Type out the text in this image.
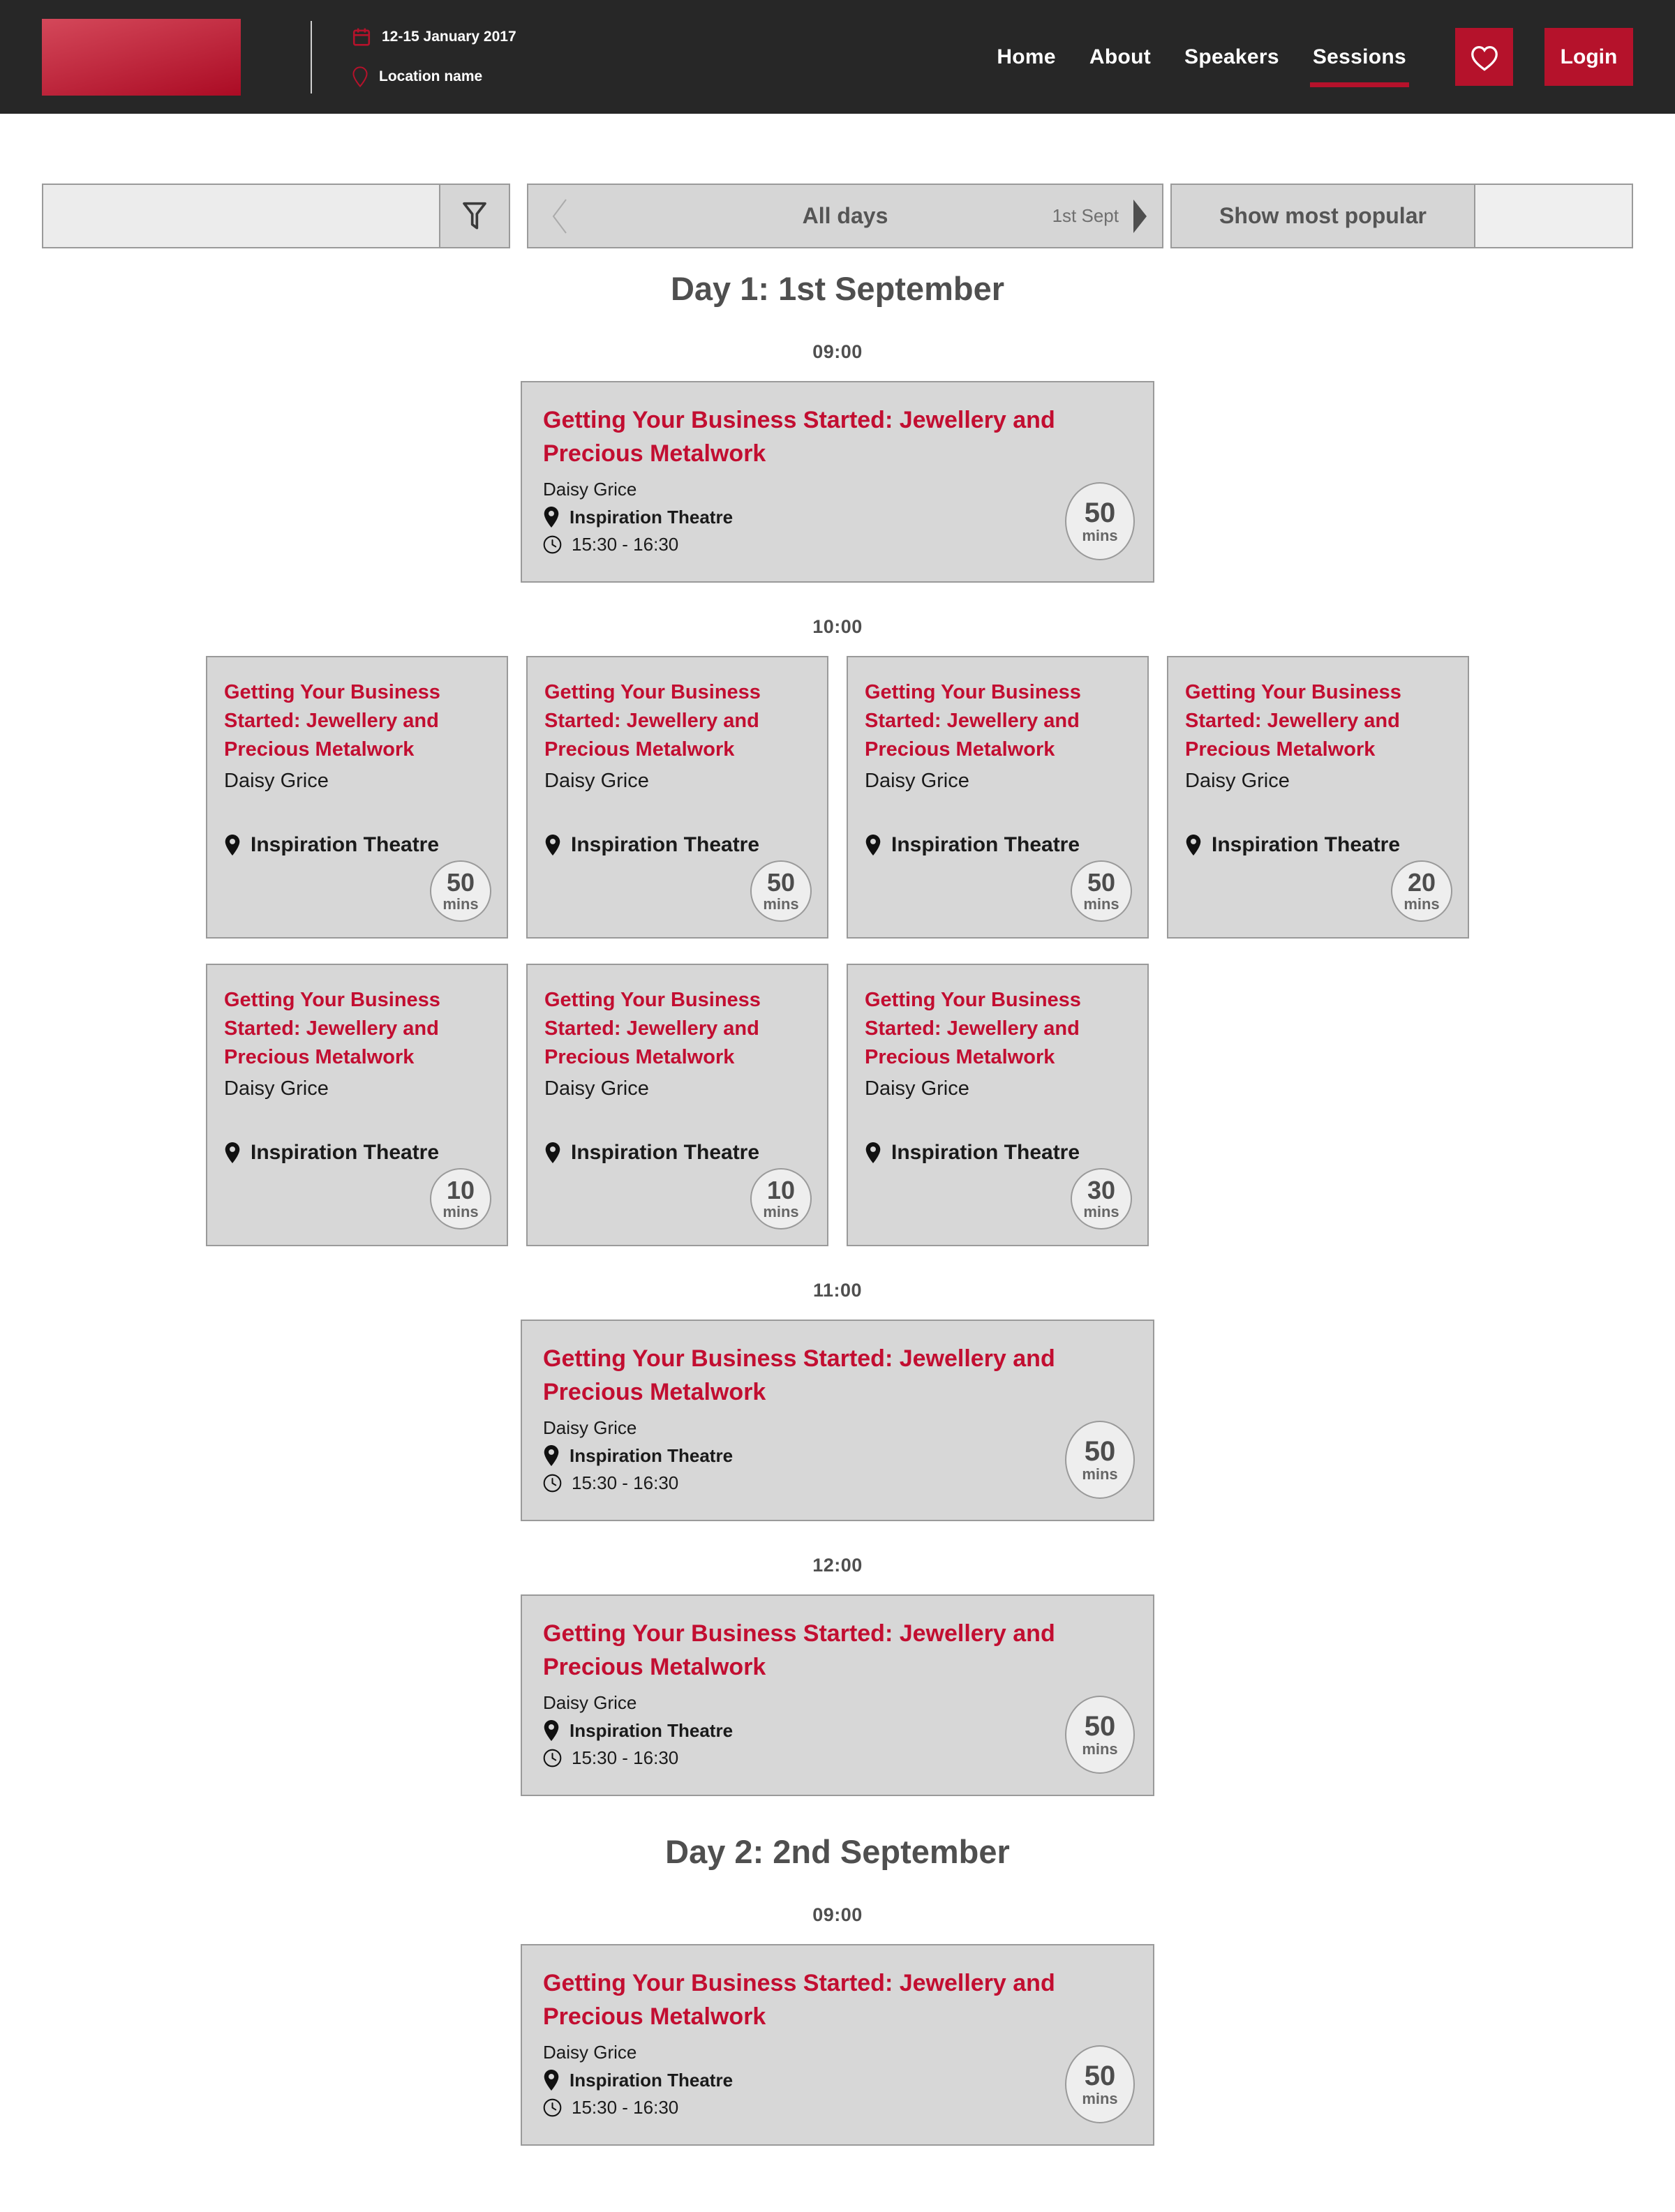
12-15 January 2017
Location name
Home About Speakers Sessions	Login
All days	1st Sept	Show most popular
Day 1: 1st September
09:00
Getting Your Business Started: Jewellery and Precious Metalwork
Daisy Grice
Inspiration Theatre
15:30 - 16:30
50
mins
10:00
Getting Your Business Started: Jewellery and Precious Metalwork
Daisy Grice
Inspiration Theatre
50
mins
Getting Your Business Started: Jewellery and Precious Metalwork
Daisy Grice
Inspiration Theatre
50
mins
Getting Your Business Started: Jewellery and Precious Metalwork
Daisy Grice
Inspiration Theatre
50
mins
Getting Your Business Started: Jewellery and Precious Metalwork
Daisy Grice
Inspiration Theatre
20
mins
Getting Your Business Started: Jewellery and Precious Metalwork
Daisy Grice
Inspiration Theatre
10
mins
Getting Your Business Started: Jewellery and Precious Metalwork
Daisy Grice
Inspiration Theatre
10
mins
Getting Your Business Started: Jewellery and Precious Metalwork
Daisy Grice
Inspiration Theatre
30
mins
11:00
Getting Your Business Started: Jewellery and Precious Metalwork
Daisy Grice
Inspiration Theatre
15:30 - 16:30
50
mins
12:00
Getting Your Business Started: Jewellery and Precious Metalwork
Daisy Grice
Inspiration Theatre
15:30 - 16:30
50
mins
Day 2: 2nd September
09:00
Getting Your Business Started: Jewellery and Precious Metalwork
Daisy Grice
Inspiration Theatre
15:30 - 16:30
50
mins
